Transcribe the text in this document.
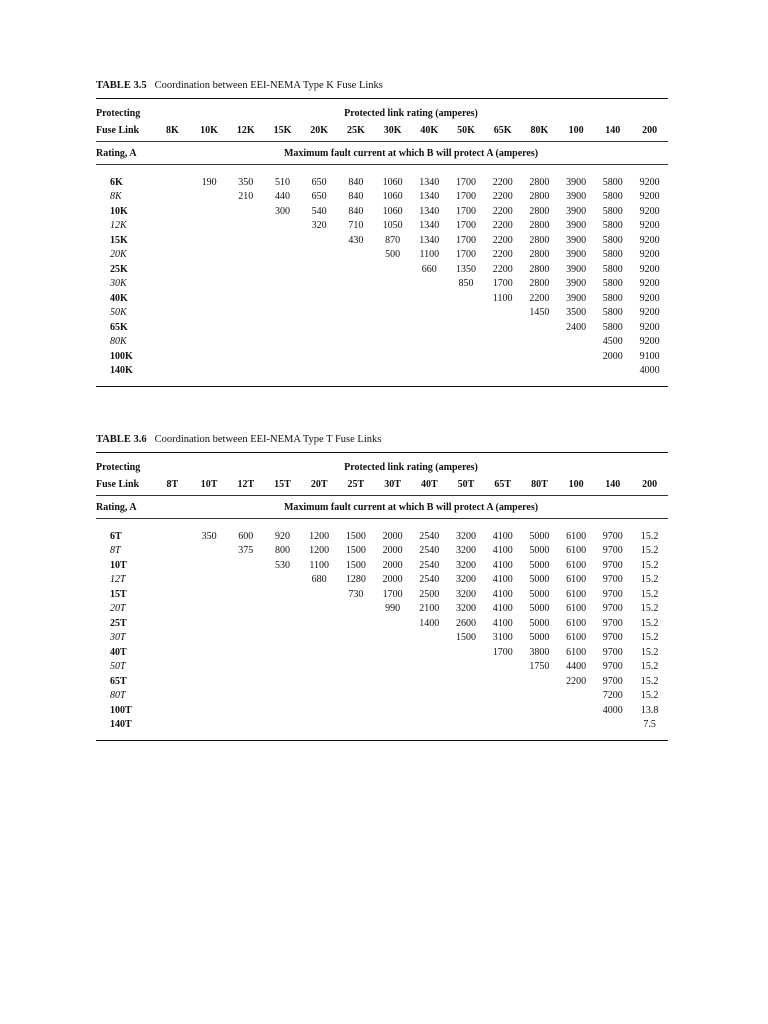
TABLE 3.5 Coordination between EEI-NEMA Type K Fuse Links
Protecting	Protected link rating (amperes)													
Fuse Link	8K	10K	12K	15K	20K	25K	30K	40K	50K	65K	80K	100	140	200
Rating, A	Maximum fault current at which B will protect A (amperes)													

6K		190	350	510	650	840	1060	1340	1700	2200	2800	3900	5800	9200
8K			210	440	650	840	1060	1340	1700	2200	2800	3900	5800	9200
10K				300	540	840	1060	1340	1700	2200	2800	3900	5800	9200
12K					320	710	1050	1340	1700	2200	2800	3900	5800	9200
15K						430	870	1340	1700	2200	2800	3900	5800	9200
20K							500	1100	1700	2200	2800	3900	5800	9200
25K								660	1350	2200	2800	3900	5800	9200
30K									850	1700	2800	3900	5800	9200
40K										1100	2200	3900	5800	9200
50K											1450	3500	5800	9200
65K												2400	5800	9200
80K													4500	9200
100K													2000	9100
140K														4000

TABLE 3.6 Coordination between EEI-NEMA Type T Fuse Links
Protecting	Protected link rating (amperes)													
Fuse Link	8T	10T	12T	15T	20T	25T	30T	40T	50T	65T	80T	100	140	200
Rating, A	Maximum fault current at which B will protect A (amperes)													

6T		350	600	920	1200	1500	2000	2540	3200	4100	5000	6100	9700	15.2
8T			375	800	1200	1500	2000	2540	3200	4100	5000	6100	9700	15.2
10T				530	1100	1500	2000	2540	3200	4100	5000	6100	9700	15.2
12T					680	1280	2000	2540	3200	4100	5000	6100	9700	15.2
15T						730	1700	2500	3200	4100	5000	6100	9700	15.2
20T							990	2100	3200	4100	5000	6100	9700	15.2
25T								1400	2600	4100	5000	6100	9700	15.2
30T									1500	3100	5000	6100	9700	15.2
40T										1700	3800	6100	9700	15.2
50T											1750	4400	9700	15.2
65T												2200	9700	15.2
80T													7200	15.2
100T													4000	13.8
140T														7.5
